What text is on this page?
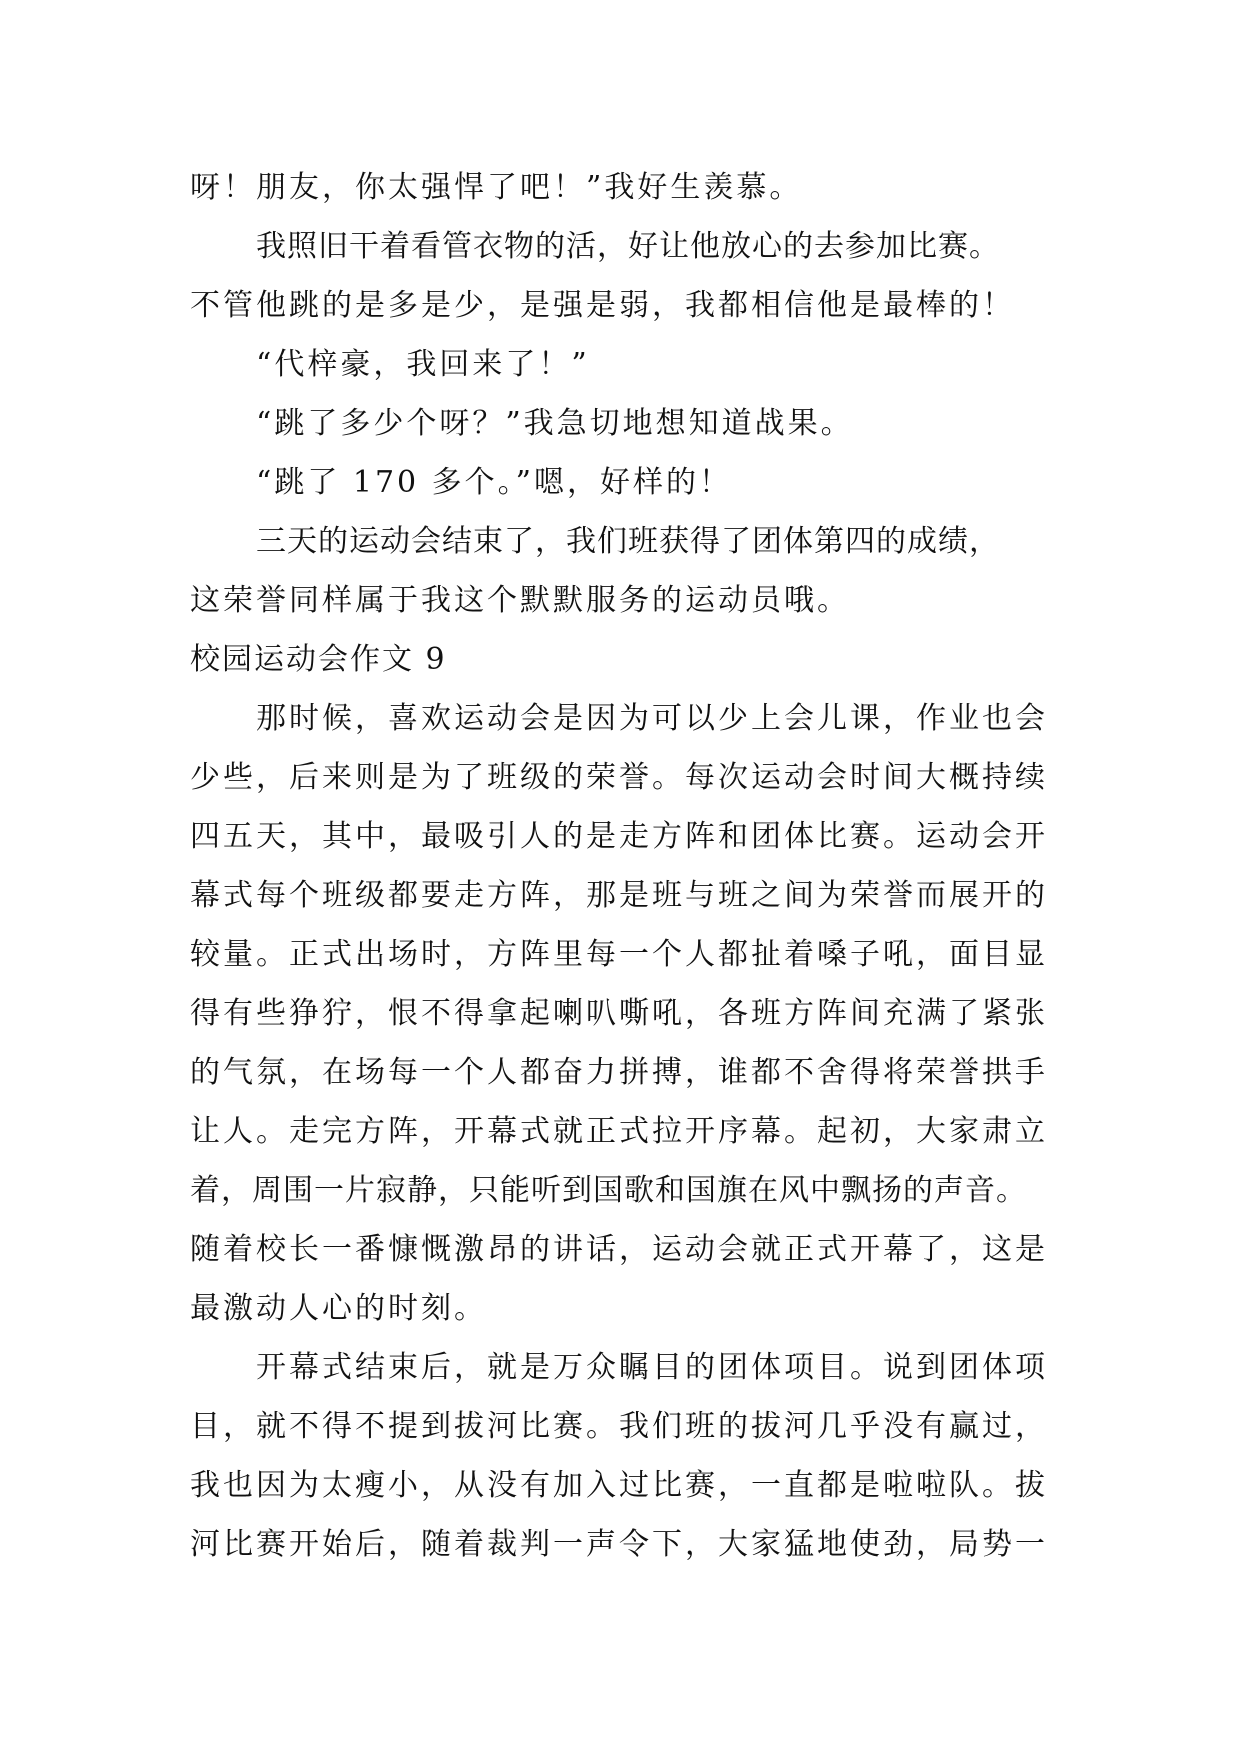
呀！朋友，你太强悍了吧！”我好生羡慕。
我照旧干着看管衣物的活，好让他放心的去参加比赛。
不管他跳的是多是少，是强是弱，我都相信他是最棒的！
“代梓豪，我回来了！”
“跳了多少个呀？”我急切地想知道战果。
“跳了 170 多个。”嗯，好样的！
三天的运动会结束了，我们班获得了团体第四的成绩，
这荣誉同样属于我这个默默服务的运动员哦。
校园运动会作文 9
那时候，喜欢运动会是因为可以少上会儿课，作业也会
少些，后来则是为了班级的荣誉。每次运动会时间大概持续
四五天，其中，最吸引人的是走方阵和团体比赛。运动会开
幕式每个班级都要走方阵，那是班与班之间为荣誉而展开的
较量。正式出场时，方阵里每一个人都扯着嗓子吼，面目显
得有些狰狞，恨不得拿起喇叭嘶吼，各班方阵间充满了紧张
的气氛，在场每一个人都奋力拼搏，谁都不舍得将荣誉拱手
让人。走完方阵，开幕式就正式拉开序幕。起初，大家肃立
着，周围一片寂静，只能听到国歌和国旗在风中飘扬的声音。
随着校长一番慷慨激昂的讲话，运动会就正式开幕了，这是
最激动人心的时刻。
开幕式结束后，就是万众瞩目的团体项目。说到团体项
目，就不得不提到拔河比赛。我们班的拔河几乎没有赢过，
我也因为太瘦小，从没有加入过比赛，一直都是啦啦队。拔
河比赛开始后，随着裁判一声令下，大家猛地使劲，局势一
